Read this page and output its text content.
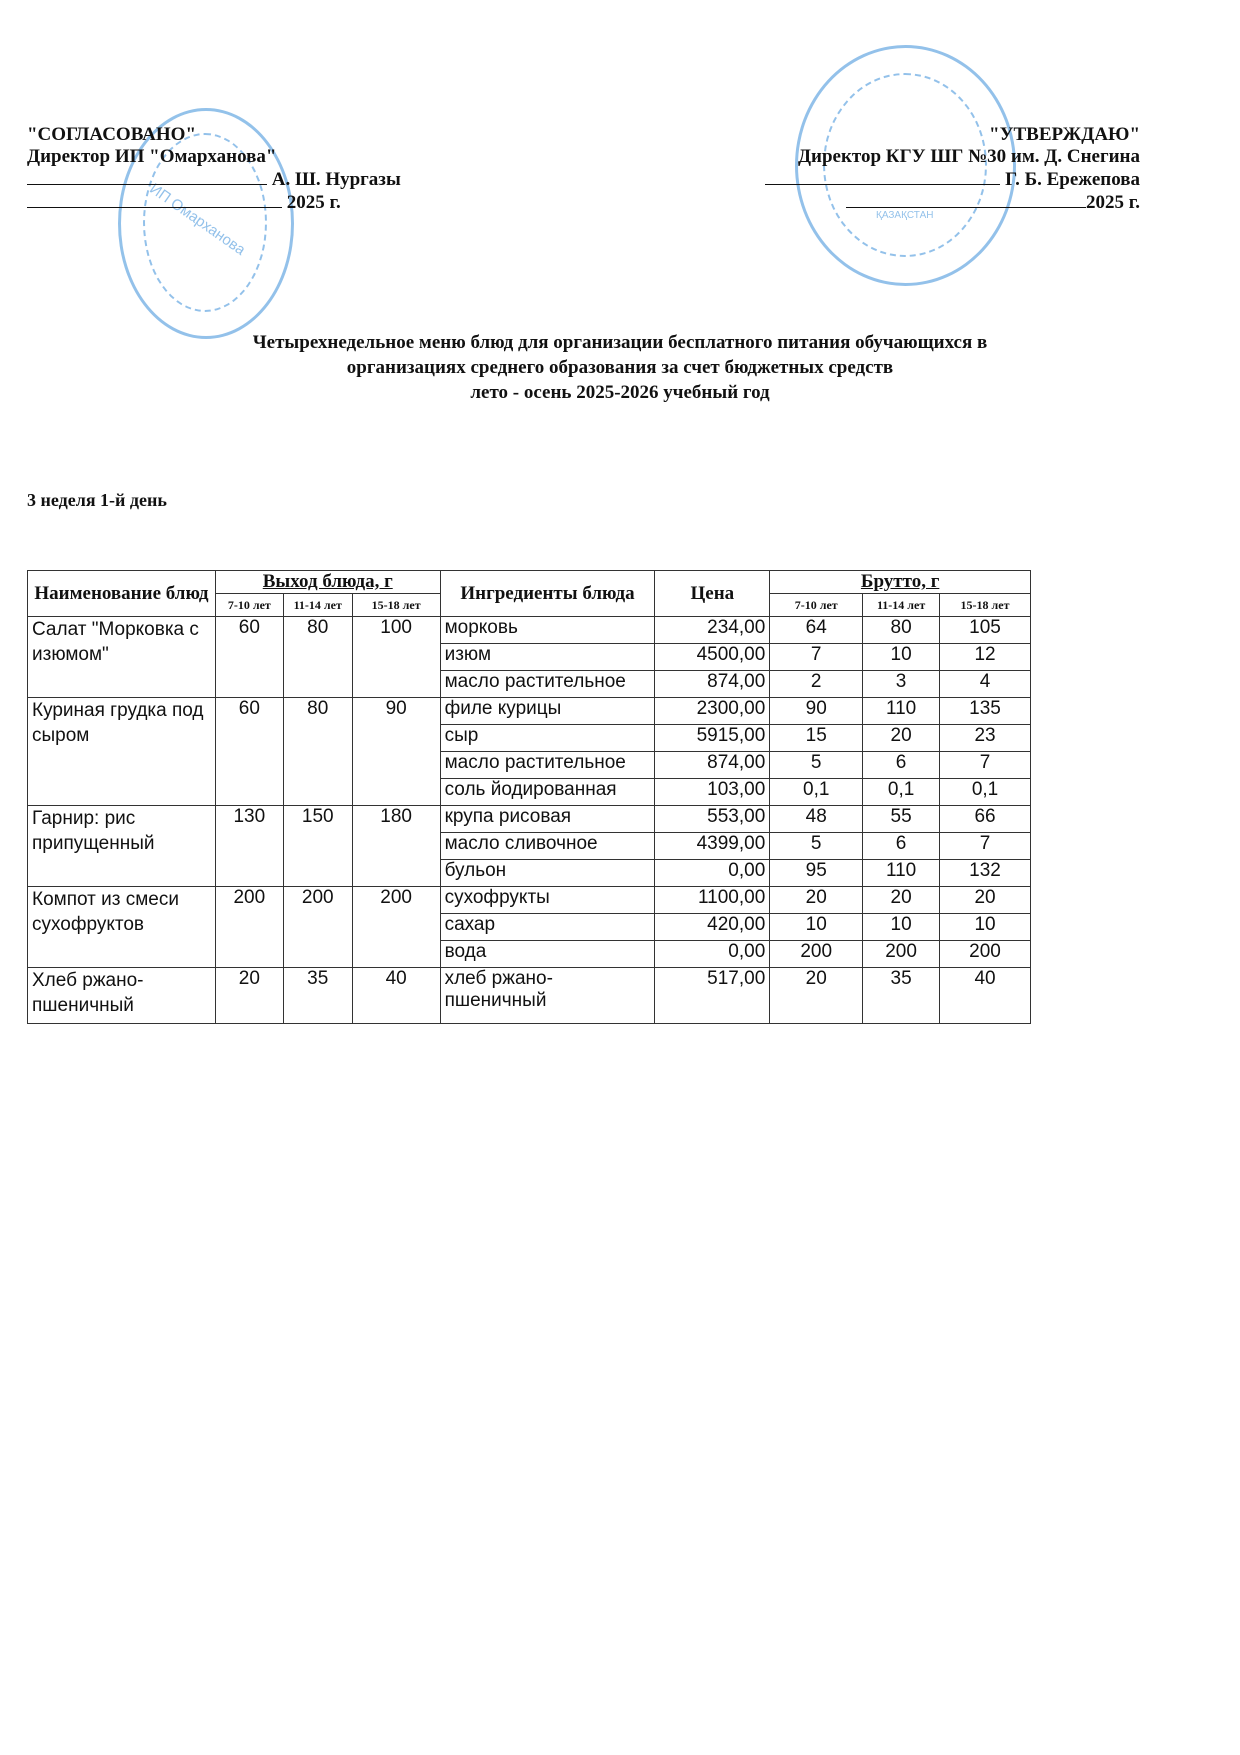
ИП Омарханова	ҚАЗАҚСТАН
"СОГЛАСОВАНО"
Директор ИП "Омарханова"
А. Ш. Нургазы
2025 г.
"УТВЕРЖДАЮ"
Директор КГУ ШГ №30 им. Д. Снегина
Г. Б. Ережепова
2025 г.
Четырехнедельное меню блюд для организации бесплатного питания обучающихся в
организациях среднего образования за счет бюджетных средств
лето - осень 2025-2026 учебный год
3 неделя 1-й день
Наименование блюд	Выход блюда, г			Ингредиенты блюда	Цена	Брутто, г		
	7-10 лет	11-14 лет	15-18 лет			7-10 лет	11-14 лет	15-18 лет
Салат "Морковка с изюмом"	60	80	100	морковь	234,00	64	80	105
				изюм	4500,00	7	10	12
				масло растительное	874,00	2	3	4
Куриная грудка под сыром	60	80	90	филе курицы	2300,00	90	110	135
				сыр	5915,00	15	20	23
				масло растительное	874,00	5	6	7
				соль йодированная	103,00	0,1	0,1	0,1
Гарнир: рис припущенный	130	150	180	крупа рисовая	553,00	48	55	66
				масло сливочное	4399,00	5	6	7
				бульон	0,00	95	110	132
Компот из смеси сухофруктов	200	200	200	сухофрукты	1100,00	20	20	20
				сахар	420,00	10	10	10
				вода	0,00	200	200	200
Хлеб ржано-пшеничный	20	35	40	хлеб ржано-пшеничный	517,00	20	35	40
